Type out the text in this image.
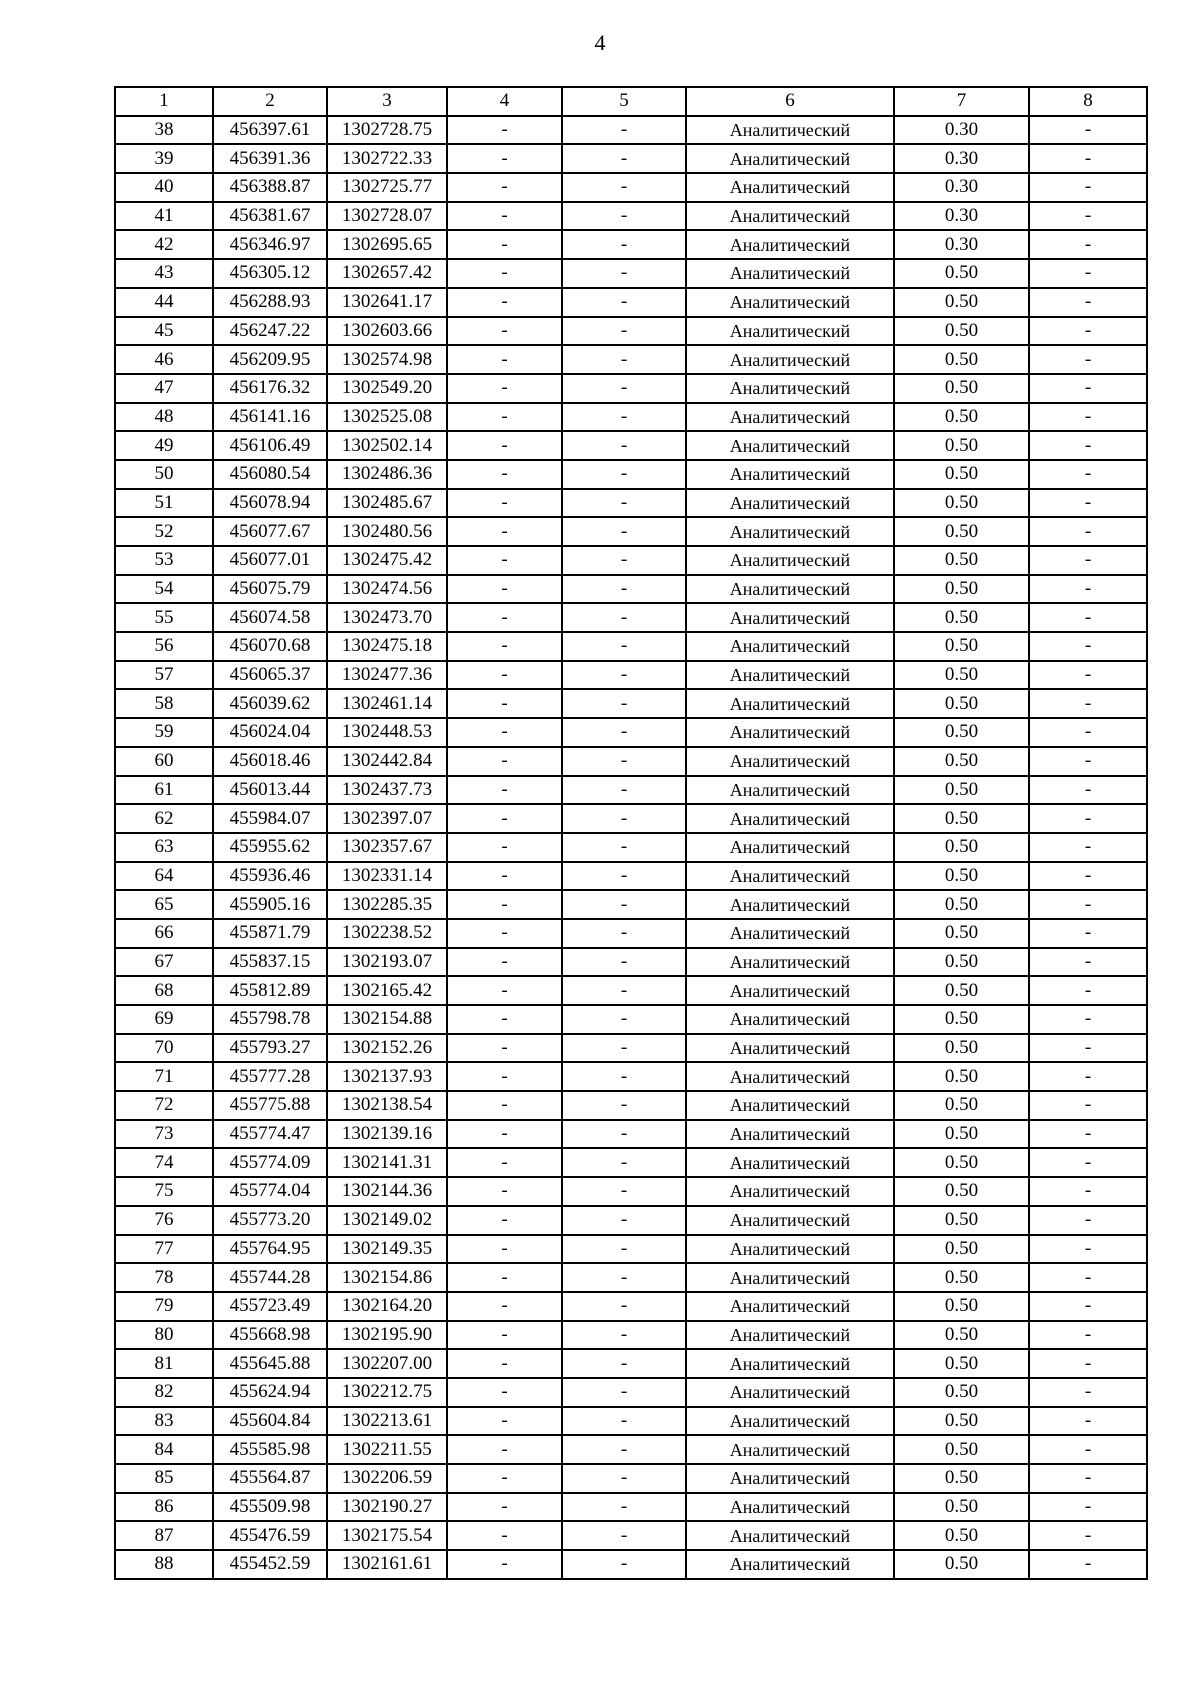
4
1	2	3	4	5	6	7	8
38	456397.61	1302728.75	-	-	Аналитический	0.30	-
39	456391.36	1302722.33	-	-	Аналитический	0.30	-
40	456388.87	1302725.77	-	-	Аналитический	0.30	-
41	456381.67	1302728.07	-	-	Аналитический	0.30	-
42	456346.97	1302695.65	-	-	Аналитический	0.30	-
43	456305.12	1302657.42	-	-	Аналитический	0.50	-
44	456288.93	1302641.17	-	-	Аналитический	0.50	-
45	456247.22	1302603.66	-	-	Аналитический	0.50	-
46	456209.95	1302574.98	-	-	Аналитический	0.50	-
47	456176.32	1302549.20	-	-	Аналитический	0.50	-
48	456141.16	1302525.08	-	-	Аналитический	0.50	-
49	456106.49	1302502.14	-	-	Аналитический	0.50	-
50	456080.54	1302486.36	-	-	Аналитический	0.50	-
51	456078.94	1302485.67	-	-	Аналитический	0.50	-
52	456077.67	1302480.56	-	-	Аналитический	0.50	-
53	456077.01	1302475.42	-	-	Аналитический	0.50	-
54	456075.79	1302474.56	-	-	Аналитический	0.50	-
55	456074.58	1302473.70	-	-	Аналитический	0.50	-
56	456070.68	1302475.18	-	-	Аналитический	0.50	-
57	456065.37	1302477.36	-	-	Аналитический	0.50	-
58	456039.62	1302461.14	-	-	Аналитический	0.50	-
59	456024.04	1302448.53	-	-	Аналитический	0.50	-
60	456018.46	1302442.84	-	-	Аналитический	0.50	-
61	456013.44	1302437.73	-	-	Аналитический	0.50	-
62	455984.07	1302397.07	-	-	Аналитический	0.50	-
63	455955.62	1302357.67	-	-	Аналитический	0.50	-
64	455936.46	1302331.14	-	-	Аналитический	0.50	-
65	455905.16	1302285.35	-	-	Аналитический	0.50	-
66	455871.79	1302238.52	-	-	Аналитический	0.50	-
67	455837.15	1302193.07	-	-	Аналитический	0.50	-
68	455812.89	1302165.42	-	-	Аналитический	0.50	-
69	455798.78	1302154.88	-	-	Аналитический	0.50	-
70	455793.27	1302152.26	-	-	Аналитический	0.50	-
71	455777.28	1302137.93	-	-	Аналитический	0.50	-
72	455775.88	1302138.54	-	-	Аналитический	0.50	-
73	455774.47	1302139.16	-	-	Аналитический	0.50	-
74	455774.09	1302141.31	-	-	Аналитический	0.50	-
75	455774.04	1302144.36	-	-	Аналитический	0.50	-
76	455773.20	1302149.02	-	-	Аналитический	0.50	-
77	455764.95	1302149.35	-	-	Аналитический	0.50	-
78	455744.28	1302154.86	-	-	Аналитический	0.50	-
79	455723.49	1302164.20	-	-	Аналитический	0.50	-
80	455668.98	1302195.90	-	-	Аналитический	0.50	-
81	455645.88	1302207.00	-	-	Аналитический	0.50	-
82	455624.94	1302212.75	-	-	Аналитический	0.50	-
83	455604.84	1302213.61	-	-	Аналитический	0.50	-
84	455585.98	1302211.55	-	-	Аналитический	0.50	-
85	455564.87	1302206.59	-	-	Аналитический	0.50	-
86	455509.98	1302190.27	-	-	Аналитический	0.50	-
87	455476.59	1302175.54	-	-	Аналитический	0.50	-
88	455452.59	1302161.61	-	-	Аналитический	0.50	-
